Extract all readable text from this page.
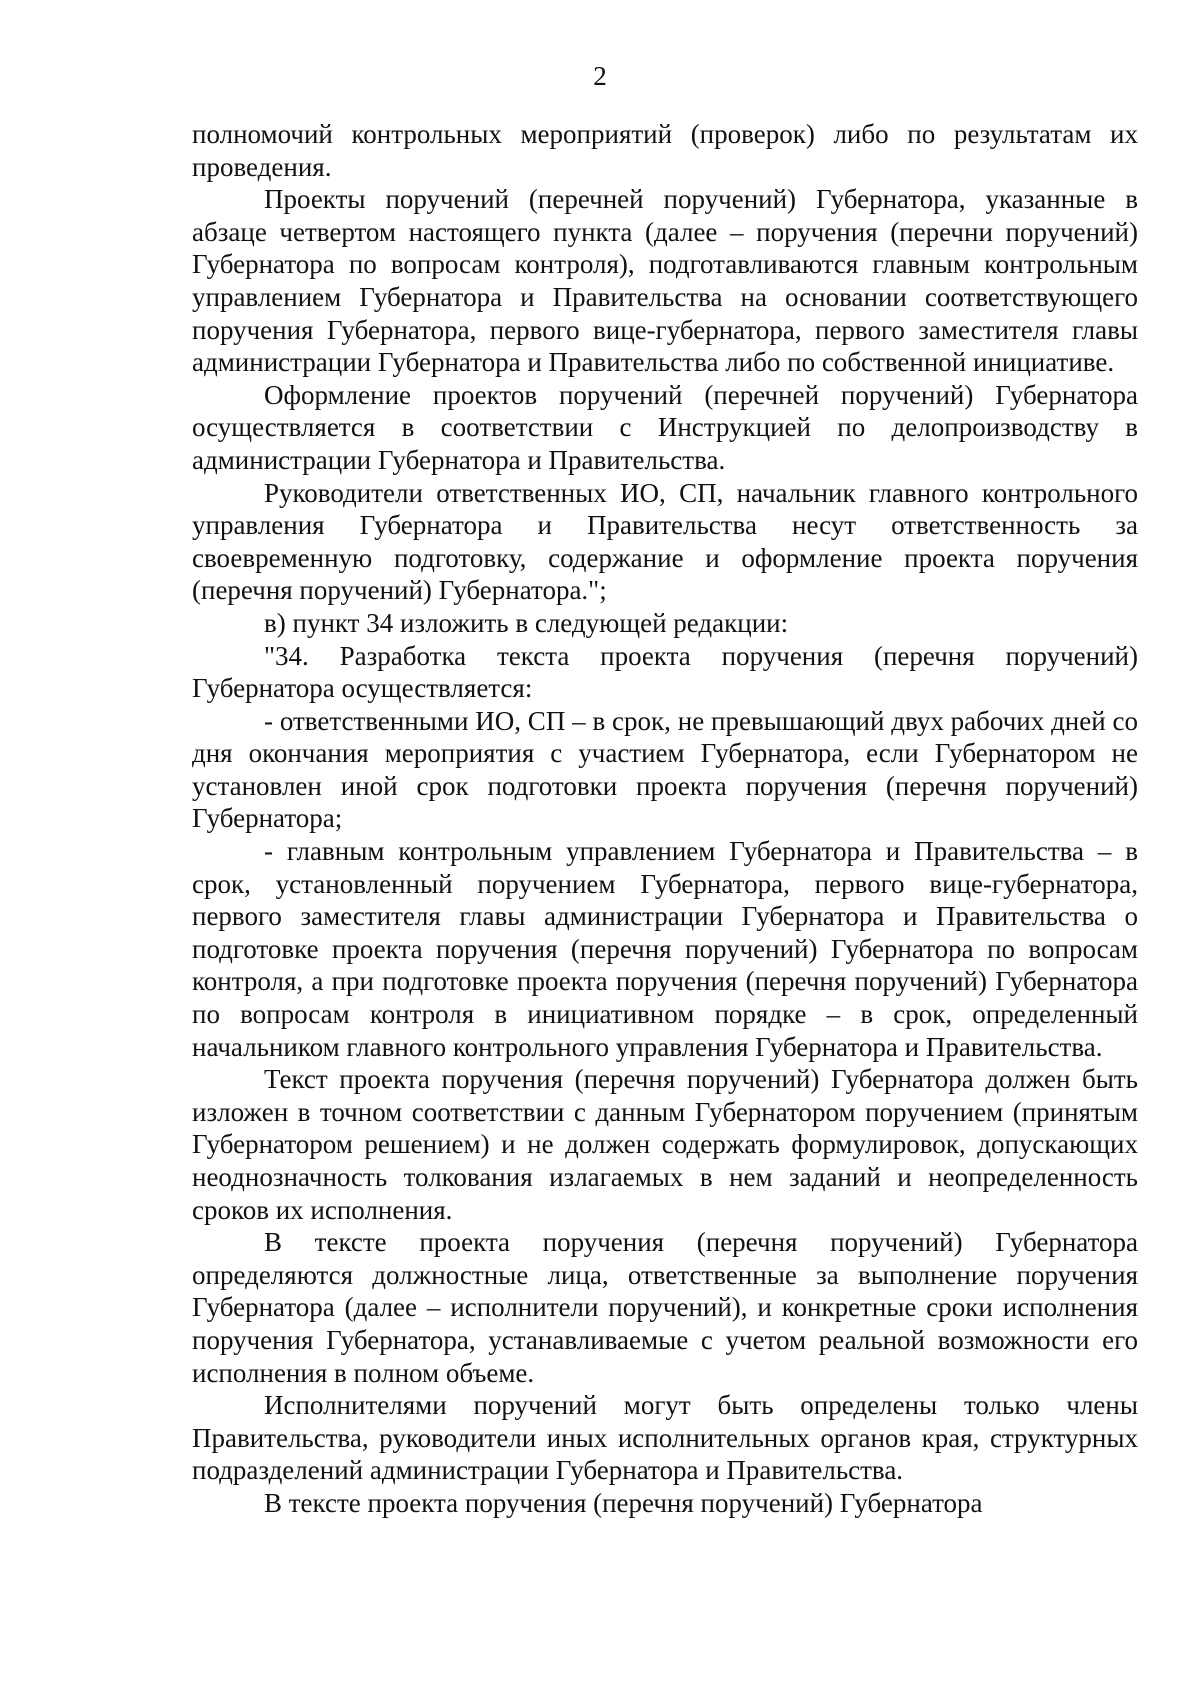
2

полномочий контрольных мероприятий (проверок) либо по результатам их проведения.

Проекты поручений (перечней поручений) Губернатора, указанные в абзаце четвертом настоящего пункта (далее – поручения (перечни поручений) Губернатора по вопросам контроля), подготавливаются главным контрольным управлением Губернатора и Правительства на основании соответствующего поручения Губернатора, первого вице-губернатора, первого заместителя главы администрации Губернатора и Правительства либо по собственной инициативе.

Оформление проектов поручений (перечней поручений) Губернатора осуществляется в соответствии с Инструкцией по делопроизводству в администрации Губернатора и Правительства.

Руководители ответственных ИО, СП, начальник главного контрольного управления Губернатора и Правительства несут ответственность за своевременную подготовку, содержание и оформление проекта поручения (перечня поручений) Губернатора.";

в) пункт 34 изложить в следующей редакции:

"34. Разработка текста проекта поручения (перечня поручений) Губернатора осуществляется:

- ответственными ИО, СП – в срок, не превышающий двух рабочих дней со дня окончания мероприятия с участием Губернатора, если Губернатором не установлен иной срок подготовки проекта поручения (перечня поручений) Губернатора;

- главным контрольным управлением Губернатора и Правительства – в срок, установленный поручением Губернатора, первого вице-губернатора, первого заместителя главы администрации Губернатора и Правительства о подготовке проекта поручения (перечня поручений) Губернатора по вопросам контроля, а при подготовке проекта поручения (перечня поручений) Губернатора по вопросам контроля в инициативном порядке – в срок, определенный начальником главного контрольного управления Губернатора и Правительства.

Текст проекта поручения (перечня поручений) Губернатора должен быть изложен в точном соответствии с данным Губернатором поручением (принятым Губернатором решением) и не должен содержать формулировок, допускающих неоднозначность толкования излагаемых в нем заданий и неопределенность сроков их исполнения.

В тексте проекта поручения (перечня поручений) Губернатора определяются должностные лица, ответственные за выполнение поручения Губернатора (далее – исполнители поручений), и конкретные сроки исполнения поручения Губернатора, устанавливаемые с учетом реальной возможности его исполнения в полном объеме.

Исполнителями поручений могут быть определены только члены Правительства, руководители иных исполнительных органов края, структурных подразделений администрации Губернатора и Правительства.

В тексте проекта поручения (перечня поручений) Губернатора
